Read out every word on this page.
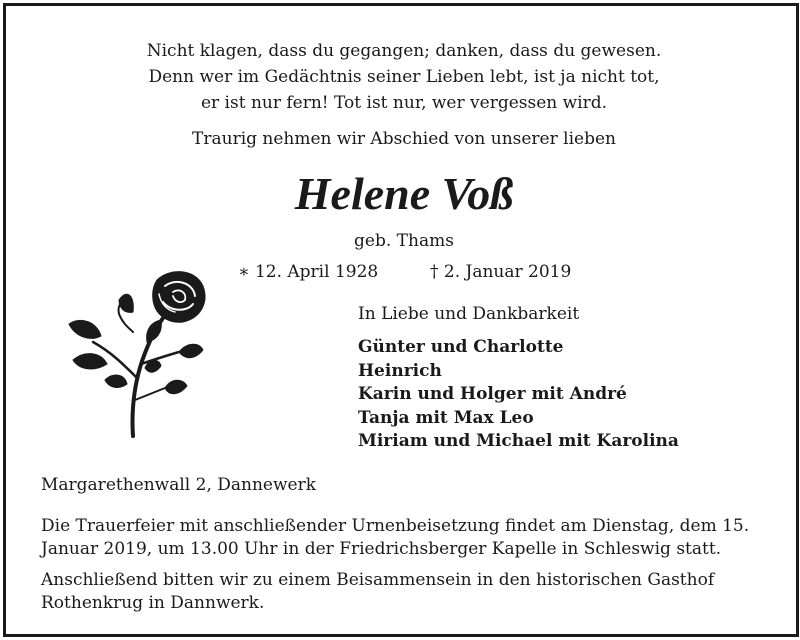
Nicht klagen, dass du gegangen; danken, dass du gewesen.
Denn wer im Gedächtnis seiner Lieben lebt, ist ja nicht tot,
er ist nur fern! Tot ist nur, wer vergessen wird.
Traurig nehmen wir Abschied von unserer lieben
Helene Voß
geb. Thams
∗ 12. April 1928	† 2. Januar 2019
In Liebe und Dankbarkeit
Günter und Charlotte
Heinrich
Karin und Holger mit André
Tanja mit Max Leo
Miriam und Michael mit Karolina
Margarethenwall 2, Dannewerk
Die Trauerfeier mit anschließender Urnenbeisetzung findet am Dienstag, dem 15. Januar 2019, um 13.00 Uhr in der Friedrichsberger Kapelle in Schleswig statt.
Anschließend bitten wir zu einem Beisammensein in den historischen Gasthof Rothenkrug in Dannwerk.
